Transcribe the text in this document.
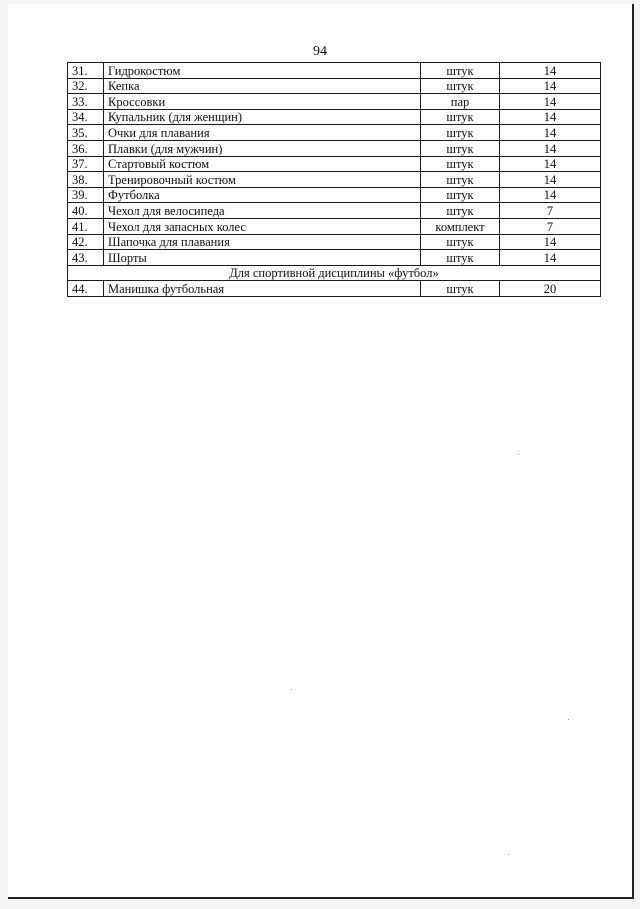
94
31.	Гидрокостюм	штук	14
32.	Кепка	штук	14
33.	Кроссовки	пар	14
34.	Купальник (для женщин)	штук	14
35.	Очки для плавания	штук	14
36.	Плавки (для мужчин)	штук	14
37.	Стартовый костюм	штук	14
38.	Тренировочный костюм	штук	14
39.	Футболка	штук	14
40.	Чехол для велосипеда	штук	7
41.	Чехол для запасных колес	комплект	7
42.	Шапочка для плавания	штук	14
43.	Шорты	штук	14
Для спортивной дисциплины «футбол»			
44.	Манишка футбольная	штук	20
